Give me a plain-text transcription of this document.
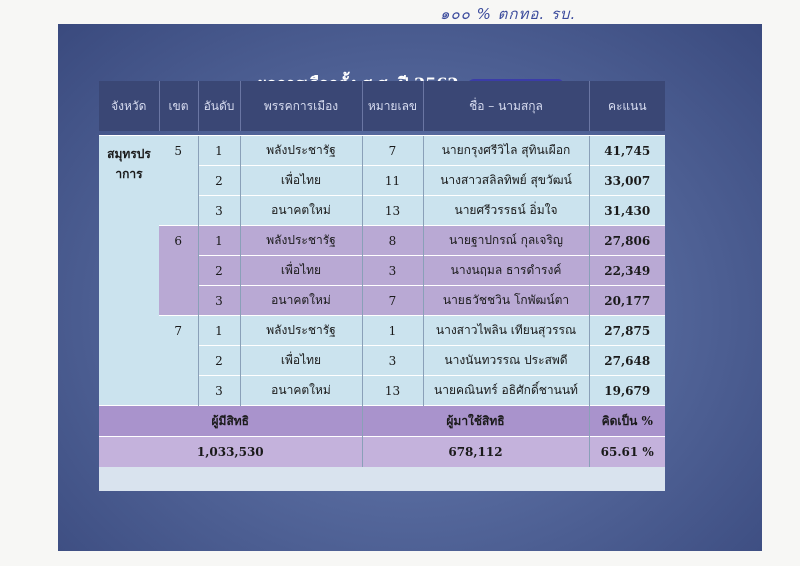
๑๐๐ % ตกทอ. รบ.
จังหวัด	เขต	อันดับ	พรรคการเมือง	หมายเลข	ชื่อ – นามสกุล	คะแนน

สมุทรปราการ	5	1	พลังประชารัฐ	7	นายกรุงศรีวิไล สุทินเผือก	41,745
		2	เพื่อไทย	11	นางสาวสลิลทิพย์ สุขวัฒน์	33,007
		3	อนาคตใหม่	13	นายศรีวรรธน์ อิ่มใจ	31,430
	6	1	พลังประชารัฐ	8	นายฐาปกรณ์ กุลเจริญ	27,806
		2	เพื่อไทย	3	นางนฤมล ธารดำรงค์	22,349
		3	อนาคตใหม่	7	นายธวัชชวิน โกพัฒน์ตา	20,177
	7	1	พลังประชารัฐ	1	นางสาวไพลิน เทียนสุวรรณ	27,875
		2	เพื่อไทย	3	นางนันทวรรณ ประสพดี	27,648
		3	อนาคตใหม่	13	นายคณินทร์ อธิศักดิ์ชานนท์	19,679
ผู้มีสิทธิ				ผู้มาใช้สิทธิ		คิดเป็น %
1,033,530				678,112		65.61 %
